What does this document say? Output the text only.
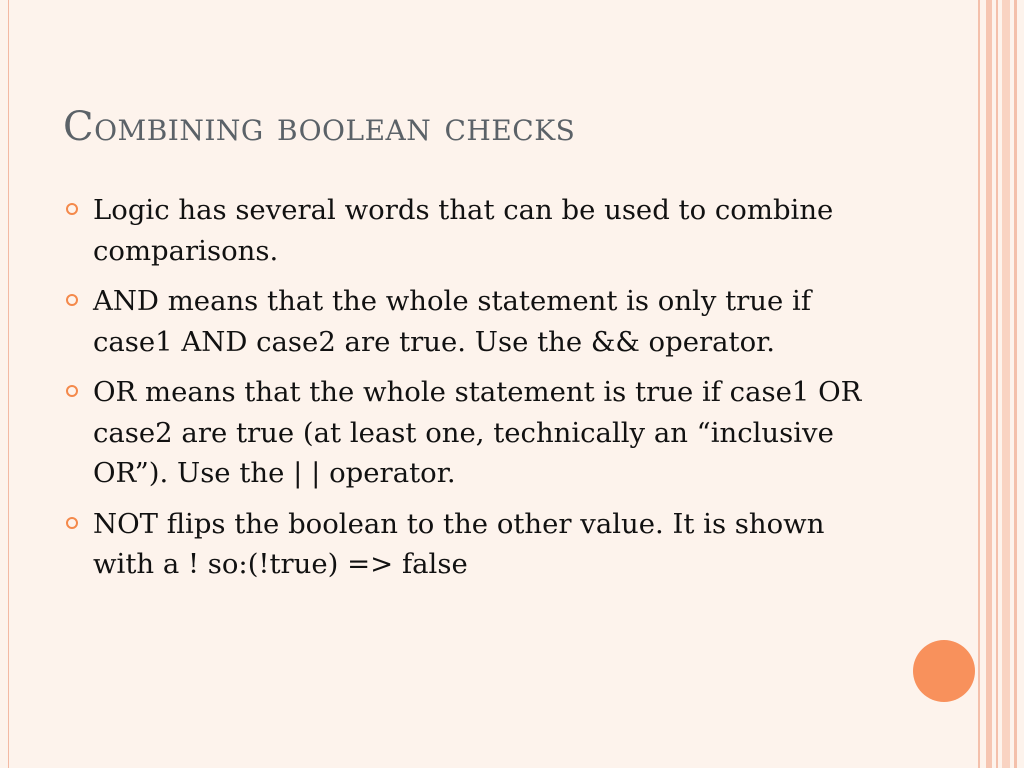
Combining boolean checks
Logic has several words that can be used to combine comparisons.
AND means that the whole statement is only true if case1 AND case2 are true. Use the && operator.
OR means that the whole statement is true if case1 OR case2 are true (at least one, technically an “inclusive OR”). Use the | | operator.
NOT flips the boolean to the other value. It is shown with a ! so:(!true) => false
